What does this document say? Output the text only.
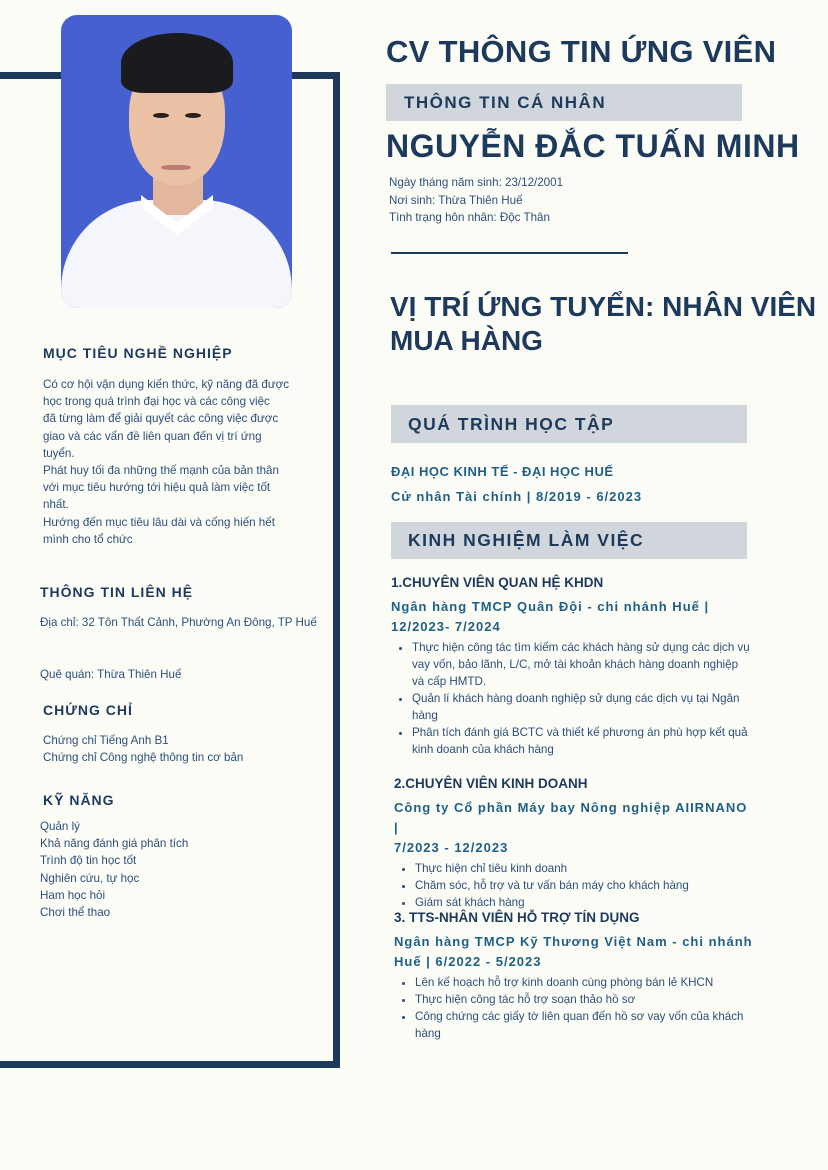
MỤC TIÊU NGHỀ NGHIỆP
Có cơ hội vận dụng kiến thức, kỹ năng đã được
học trong quá trình đại học và các công việc
đã từng làm để giải quyết các công việc được
giao và các vấn đề liên quan đến vị trí ứng
tuyển.
Phát huy tối đa những thế mạnh của bản thân
với mục tiêu hướng tới hiệu quả làm việc tốt
nhất.
Hướng đến mục tiêu lâu dài và cống hiến hết
mình cho tổ chức
THÔNG TIN LIÊN HỆ
Địa chỉ: 32 Tôn Thất Cảnh, Phường An Đông, TP Huế
Quê quán: Thừa Thiên Huế
CHỨNG CHỈ
Chứng chỉ Tiếng Anh B1
Chứng chỉ Công nghệ thông tin cơ bản
KỸ NĂNG
Quản lý
Khả năng đánh giá phân tích
Trình độ tin học tốt
Nghiên cứu, tự học
Ham học hỏi
Chơi thể thao
CV THÔNG TIN ỨNG VIÊN
THÔNG TIN CÁ NHÂN
NGUYỄN ĐẮC TUẤN MINH
Ngày tháng năm sinh: 23/12/2001
Nơi sinh: Thừa Thiên Huế
Tình trạng hôn nhân: Độc Thân
VỊ TRÍ ỨNG TUYỂN: NHÂN VIÊN
MUA HÀNG
QUÁ TRÌNH HỌC TẬP
ĐẠI HỌC KINH TẾ - ĐẠI HỌC HUẾ
Cử nhân Tài chính | 8/2019 - 6/2023
KINH NGHIỆM LÀM VIỆC

1.CHUYÊN VIÊN QUAN HỆ KHDN

Ngân hàng TMCP Quân Đội - chi nhánh Huế |
12/2023- 7/2024

• Thực hiện công tác tìm kiếm các khách hàng sử dụng các dịch vụ vay vốn, bảo lãnh, L/C, mở tài khoản khách hàng doanh nghiệp và cấp HMTD.
• Quản lí khách hàng doanh nghiệp sử dụng các dịch vụ tại Ngân hàng
• Phân tích đánh giá BCTC và thiết kế phương án phù hợp kết quả kinh doanh của khách hàng

2.CHUYÊN VIÊN KINH DOANH

Công ty Cổ phần Máy bay Nông nghiệp AIIRNANO |
7/2023 - 12/2023

• Thực hiện chỉ tiêu kinh doanh
• Chăm sóc, hỗ trợ và tư vấn bán máy cho khách hàng
• Giám sát khách hàng

3. TTS-NHÂN VIÊN HỖ TRỢ TÍN DỤNG

Ngân hàng TMCP Kỹ Thương Việt Nam - chi nhánh
Huế | 6/2022 - 5/2023

• Lên kế hoạch hỗ trợ kinh doanh cùng phòng bán lẻ KHCN
• Thực hiện công tác hỗ trợ soạn thảo hồ sơ
• Công chứng các giấy tờ liên quan đến hồ sơ vay vốn của khách hàng
